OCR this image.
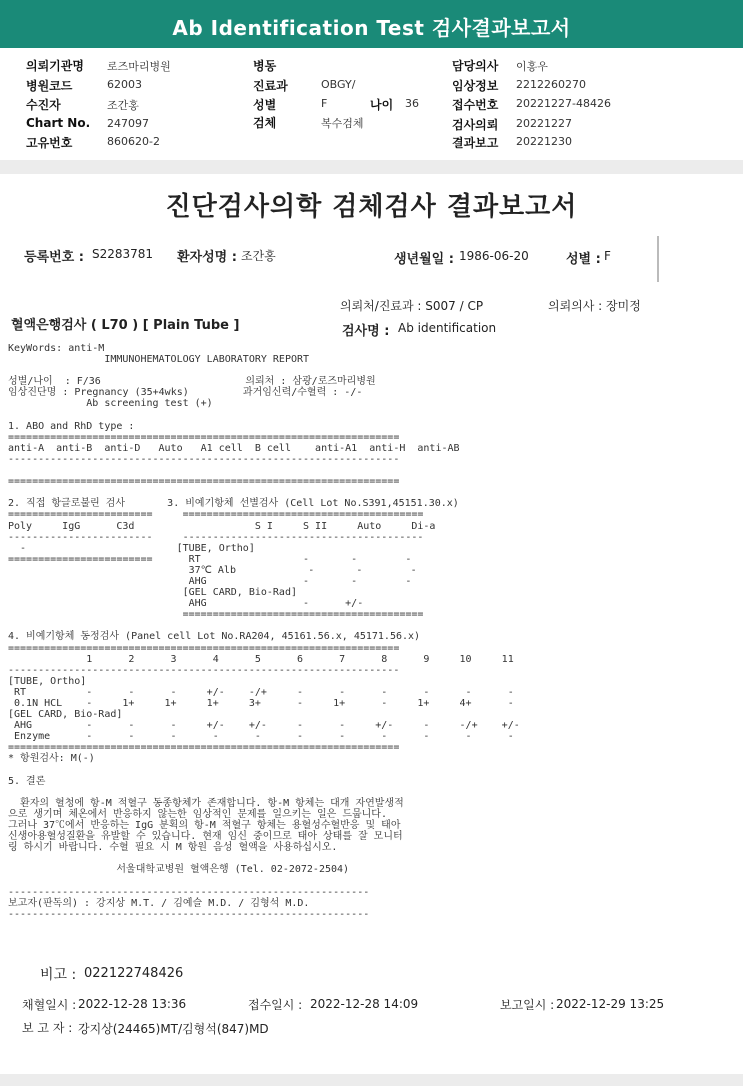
Ab Identification Test 검사결과보고서
의뢰기관명 로즈마리병원
병원코드	62003
수진자	조간홍
Chart No. 247097
고유번호	860620-2
병동
진료과	OBGY/
성별	F	나이 36
검체	복수검체
담당의사 이홍우
임상정보 2212260270
접수번호 20221227-48426
검사의뢰 20221227
결과보고 20221230
진단검사의학 검체검사 결과보고서
등록번호 : S2283781 환자성명 : 조간홍	생년월일 : 1986-06-20	성별 : F
의뢰처/진료과 : S007 / CP	의뢰의사 : 장미정
혈액은행검사 ( L70 ) [ Plain Tube ]	검사명 : Ab identification
KeyWords: anti-M
IMMUNOHEMATOLOGY LABORATORY REPORT

성별/나이  : F/36                        의뢰처 : 삼광/로즈마리병원
임상진단명 : Pregnancy (35+4wks)         과거임신력/수혈력 : -/-
Ab screening test (+)

1. ABO and RhD type :
=================================================================
anti-A  anti-B  anti-D   Auto   A1 cell  B cell    anti-A1  anti-H  anti-AB
-----------------------------------------------------------------

=================================================================

2. 직접 항글로불린 검사       3. 비예기항체 선별검사 (Cell Lot No.S391,45151.30.x)
========================     ========================================
Poly     IgG      C3d                    S I     S II     Auto     Di-a
------------------------     ----------------------------------------
-                         [TUBE, Ortho]
========================      RT                 -       -        -
37℃ Alb            -       -        -
AHG                -       -        -
[GEL CARD, Bio-Rad]
AHG                -      +/-
========================================

4. 비예기항체 동정검사 (Panel cell Lot No.RA204, 45161.56.x, 45171.56.x)
=================================================================
1      2      3      4      5      6      7      8      9     10     11
-----------------------------------------------------------------
[TUBE, Ortho]
RT          -      -      -     +/-    -/+     -      -      -      -      -      -
0.1N HCL    -     1+     1+     1+     3+      -     1+      -     1+     4+      -
[GEL CARD, Bio-Rad]
AHG         -      -      -     +/-    +/-     -      -     +/-     -     -/+    +/-
Enzyme      -      -      -      -      -      -      -      -      -      -      -
=================================================================
* 항원검사: M(-)

5. 결론

환자의 혈청에 항-M 적혈구 동종항체가 존재합니다. 항-M 항체는 대개 자연발생적
으로 생기며 체온에서 반응하지 않는한 임상적인 문제를 일으키는 일은 드뭅니다.
그러나 37℃에서 반응하는 IgG 분획의 항-M 적혈구 항체는 용혈성수혈반응 및 태아
신생아용혈성질환을 유발할 수 있습니다. 현재 임신 중이므로 태아 상태를 잘 모니터
링 하시기 바랍니다. 수혈 필요 시 M 항원 음성 혈액을 사용하십시오.

서울대학교병원 혈액은행 (Tel. 02-2072-2504)

------------------------------------------------------------
보고자(판독의) : 강지상 M.T. / 김예슬 M.D. / 김형석 M.D.
------------------------------------------------------------
비고 : 022122748426
채혈일시 : 2022-12-28 13:36	접수일시 : 2022-12-28 14:09	보고일시 : 2022-12-29 13:25
보 고 자 : 강지상(24465)MT/김형석(847)MD
